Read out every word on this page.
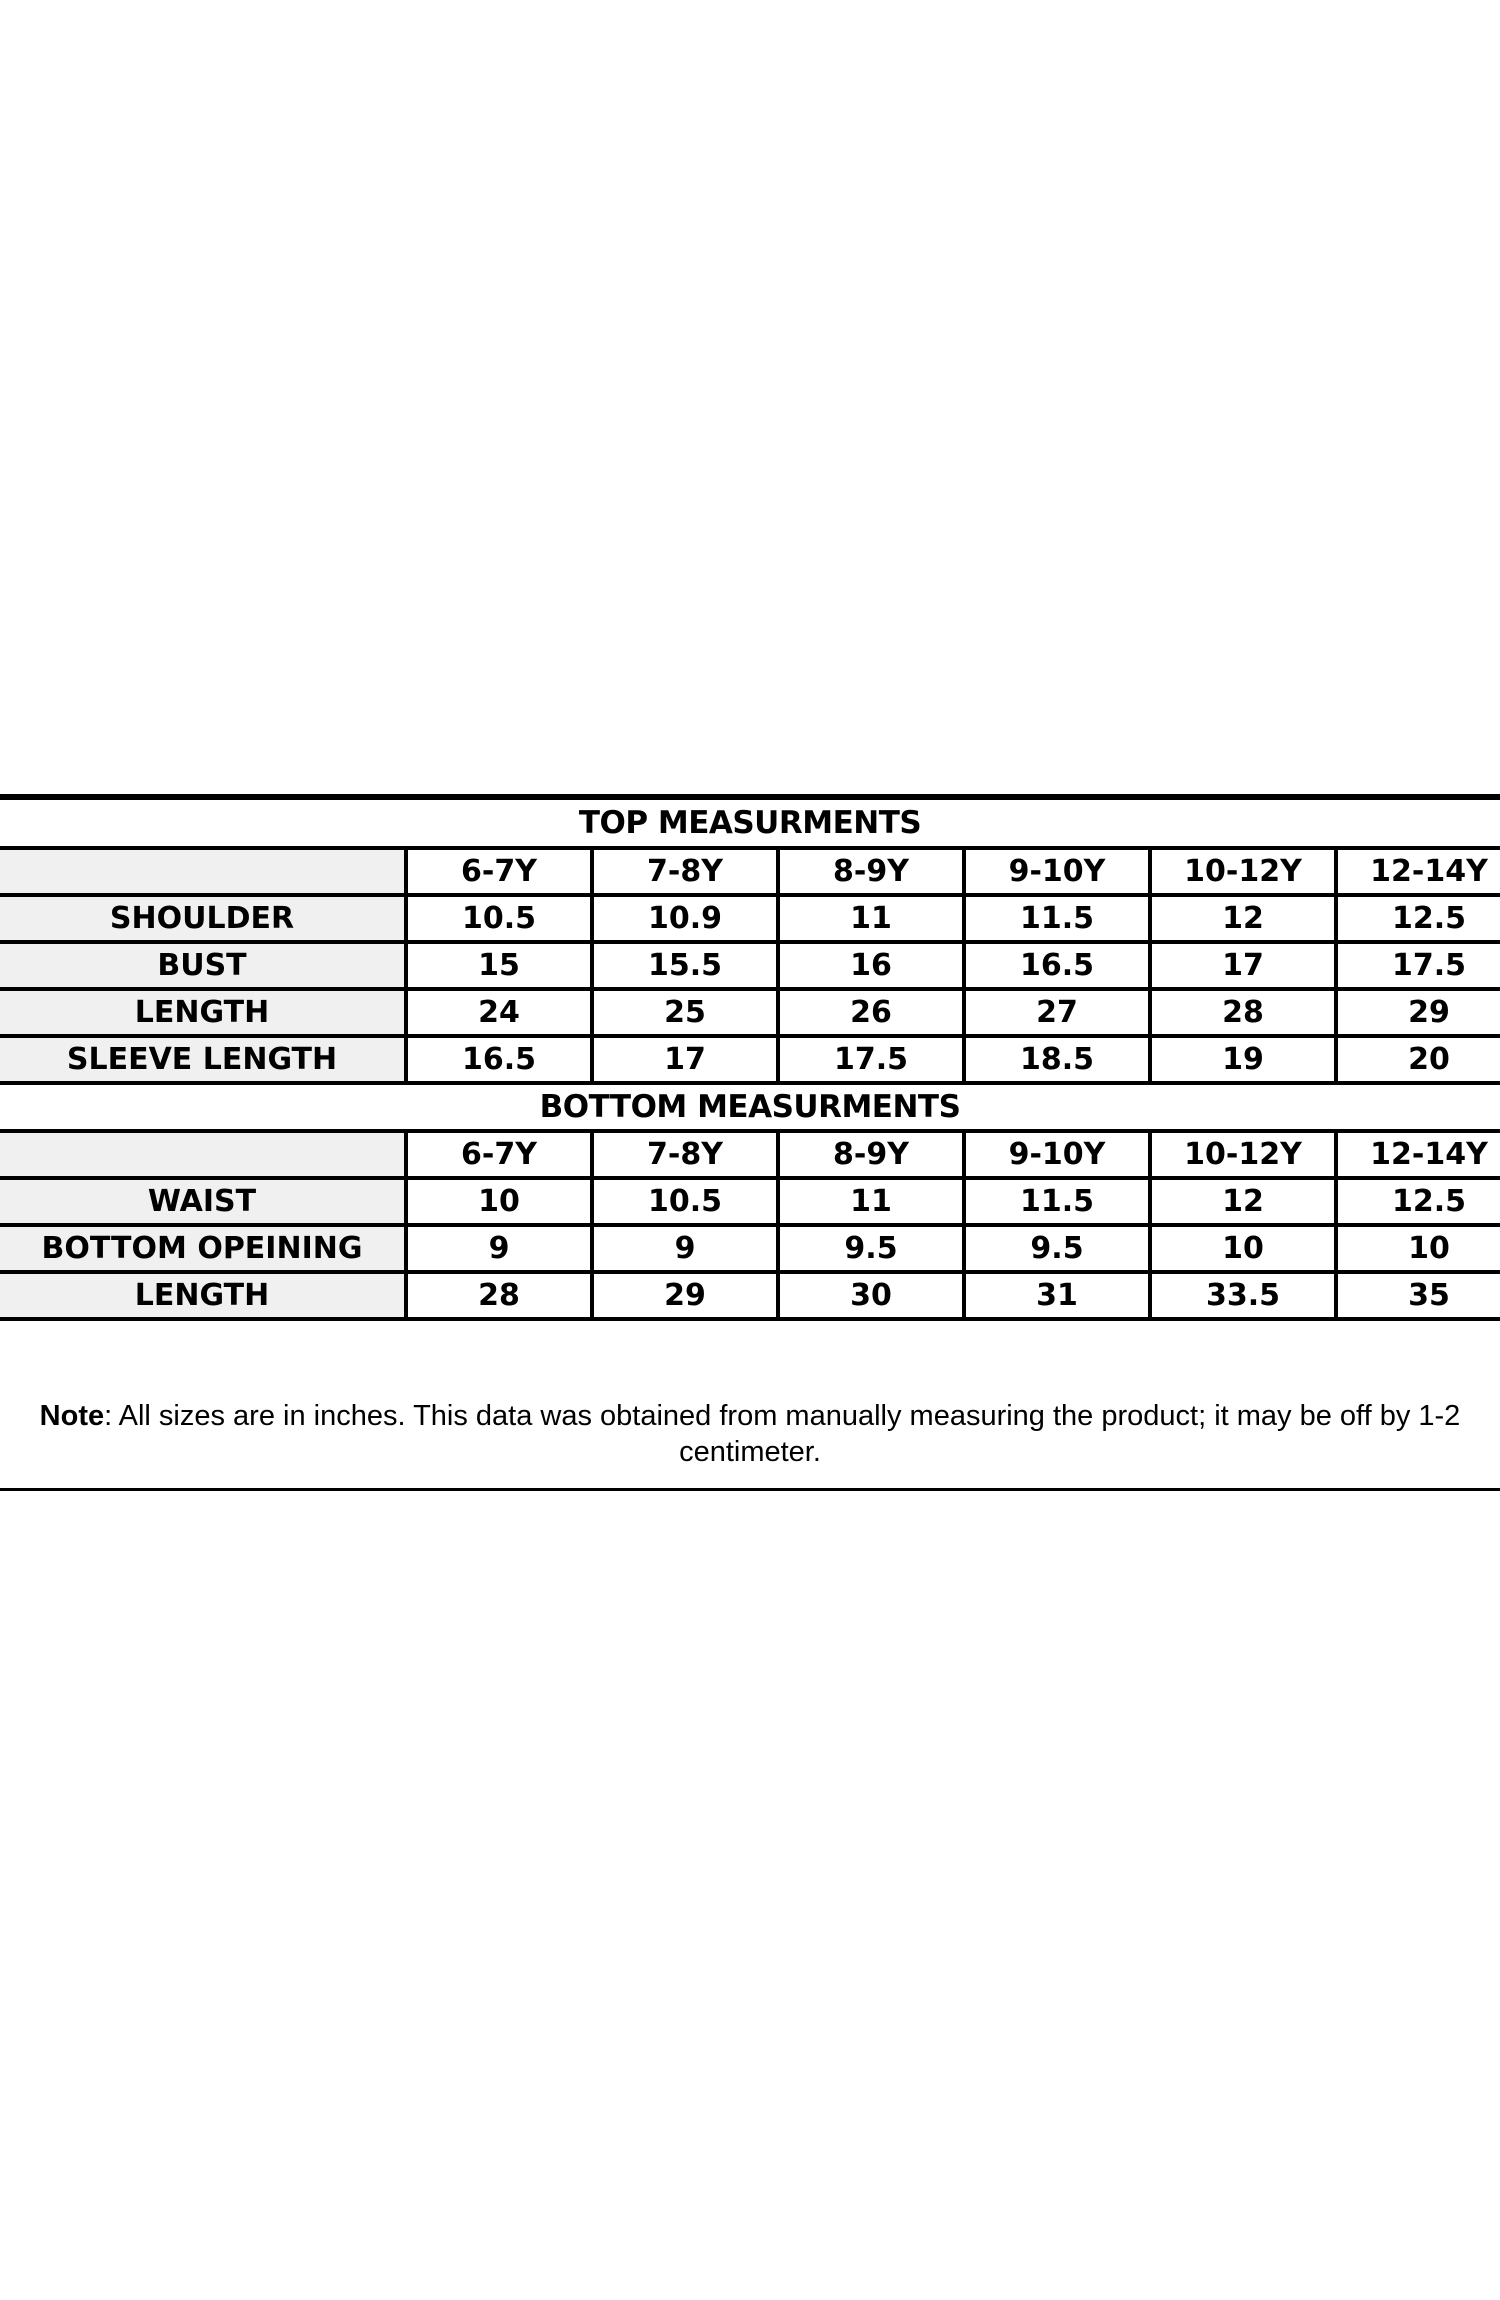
TOP MEASURMENTS
	6-7Y	7-8Y	8-9Y	9-10Y	10-12Y	12-14Y
SHOULDER	10.5	10.9	11	11.5	12	12.5
BUST	15	15.5	16	16.5	17	17.5
LENGTH	24	25	26	27	28	29
SLEEVE LENGTH	16.5	17	17.5	18.5	19	20
BOTTOM MEASURMENTS
	6-7Y	7-8Y	8-9Y	9-10Y	10-12Y	12-14Y
WAIST	10	10.5	11	11.5	12	12.5
BOTTOM OPEINING	9	9	9.5	9.5	10	10
LENGTH	28	29	30	31	33.5	35
Note: All sizes are in inches. This data was obtained from manually measuring the product; it may be off by 1-2 centimeter.
